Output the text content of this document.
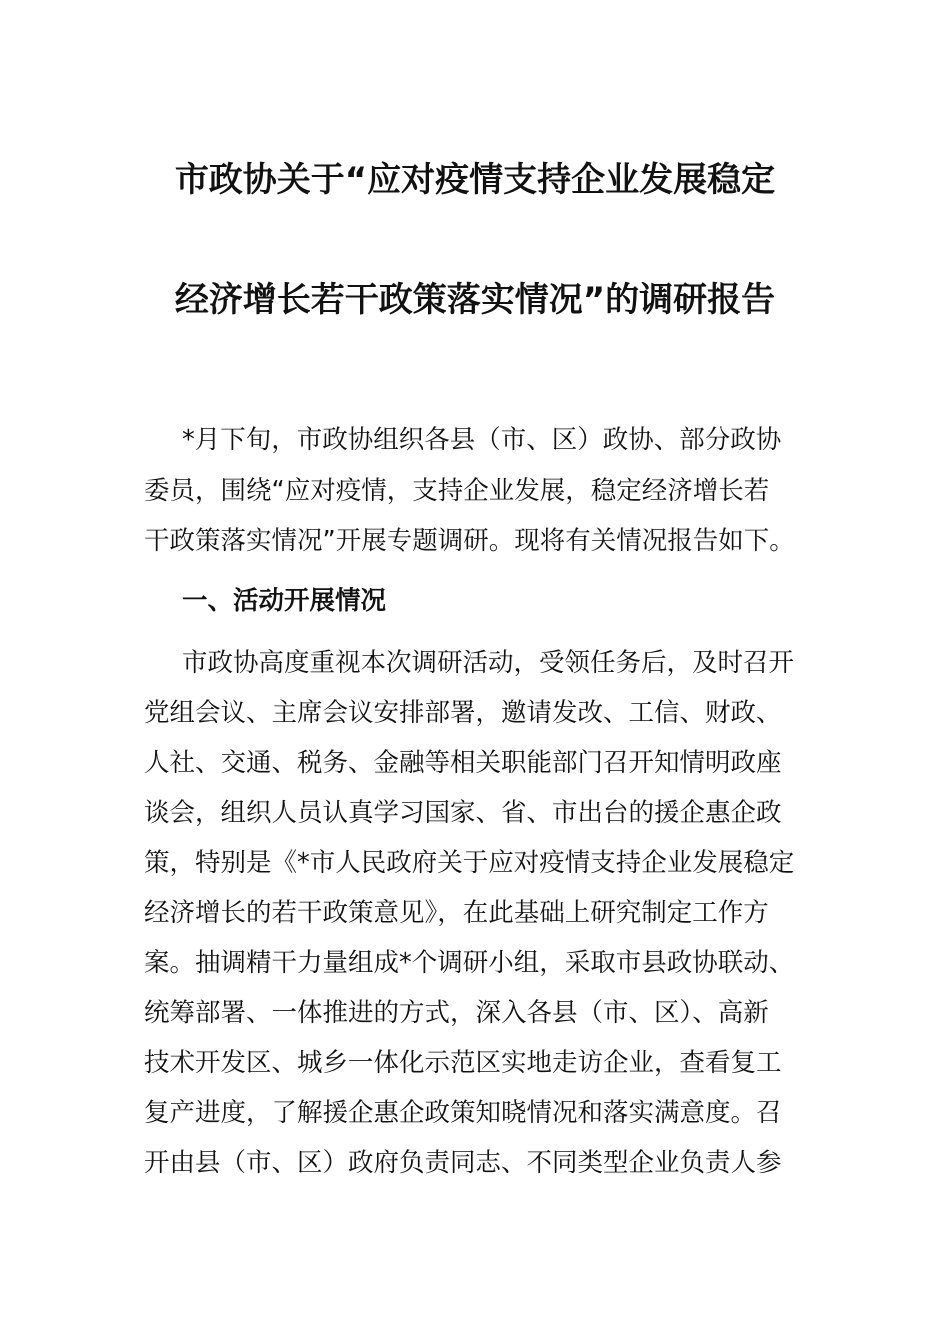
市政协关于“应对疫情支持企业发展稳定
经济增长若干政策落实情况”的调研报告
*月下旬，市政协组织各县（市、区）政协、部分政协
委员，围绕“应对疫情，支持企业发展，稳定经济增长若
干政策落实情况”开展专题调研。现将有关情况报告如下。
一、活动开展情况
市政协高度重视本次调研活动，受领任务后，及时召开
党组会议、主席会议安排部署，邀请发改、工信、财政、
人社、交通、税务、金融等相关职能部门召开知情明政座
谈会，组织人员认真学习国家、省、市出台的援企惠企政
策，特别是《*市人民政府关于应对疫情支持企业发展稳定
经济增长的若干政策意见》，在此基础上研究制定工作方
案。抽调精干力量组成*个调研小组，采取市县政协联动、
统筹部署、一体推进的方式，深入各县（市、区）、高新
技术开发区、城乡一体化示范区实地走访企业，查看复工
复产进度，了解援企惠企政策知晓情况和落实满意度。召
开由县（市、区）政府负责同志、不同类型企业负责人参
